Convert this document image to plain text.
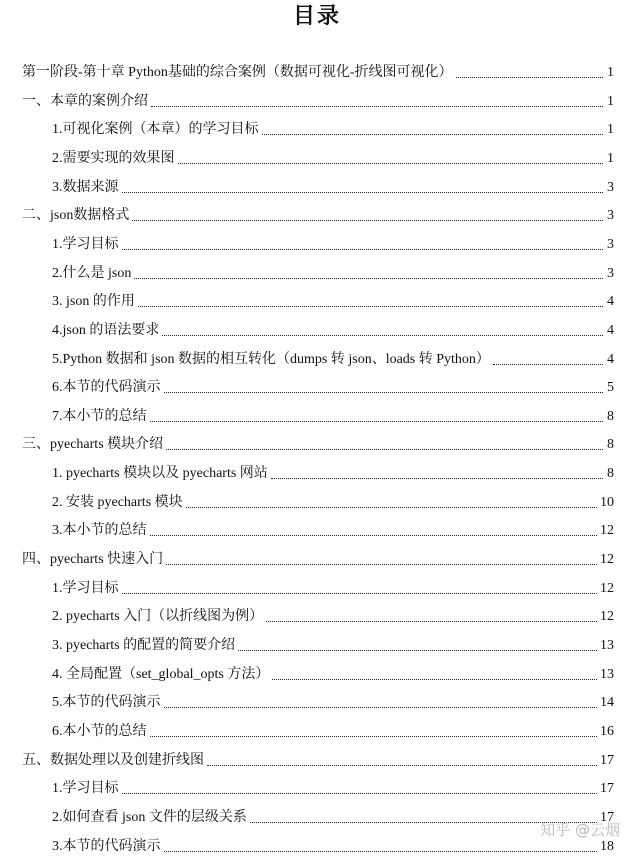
目录
第一阶段-第十章 Python基础的综合案例（数据可视化-折线图可视化）	1
一、本章的案例介绍	1
1.可视化案例（本章）的学习目标	1
2.需要实现的效果图	1
3.数据来源	3
二、json数据格式	3
1.学习目标	3
2.什么是 json	3
3. json 的作用	4
4.json 的语法要求	4
5.Python 数据和 json 数据的相互转化（dumps 转 json、loads 转 Python）	4
6.本节的代码演示	5
7.本小节的总结	8
三、pyecharts 模块介绍	8
1. pyecharts 模块以及 pyecharts 网站	8
2. 安装 pyecharts 模块	10
3.本小节的总结	12
四、pyecharts 快速入门	12
1.学习目标	12
2. pyecharts 入门（以折线图为例）	12
3. pyecharts 的配置的简要介绍	13
4. 全局配置（set_global_opts 方法）	13
5.本节的代码演示	14
6.本小节的总结	16
五、数据处理以及创建折线图	17
1.学习目标	17
2.如何查看 json 文件的层级关系	17
3.本节的代码演示	18
知乎 @云烟
